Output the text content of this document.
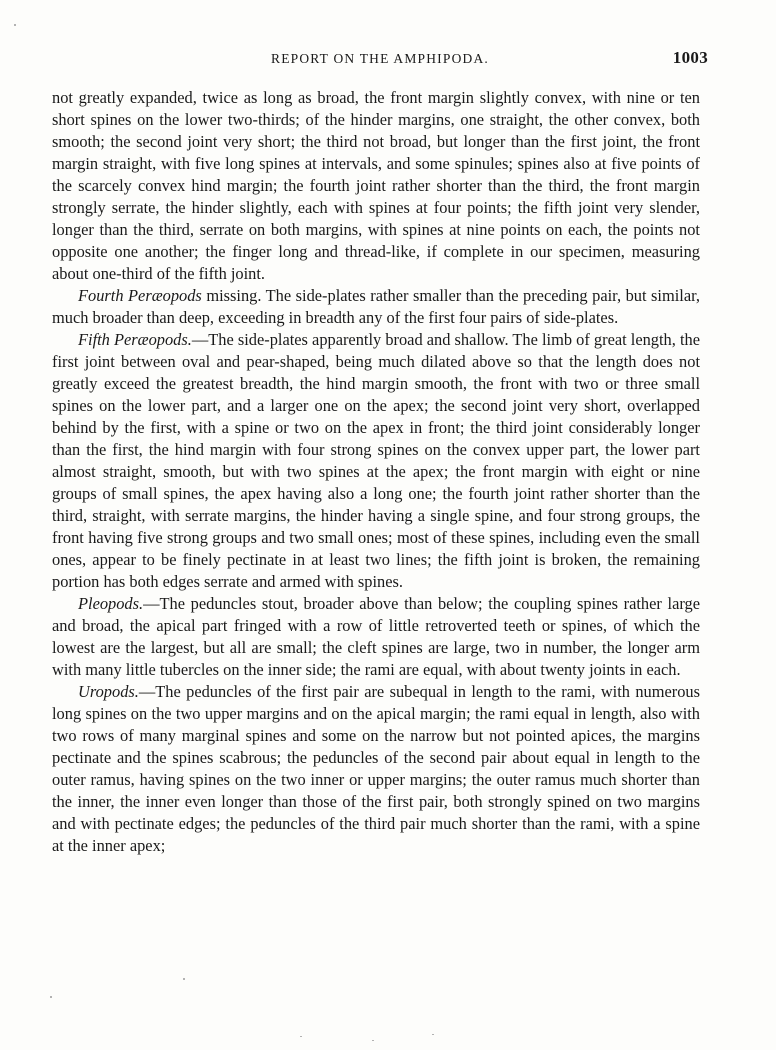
REPORT ON THE AMPHIPODA.	1003

not greatly expanded, twice as long as broad, the front margin slightly convex, with nine or ten short spines on the lower two-thirds; of the hinder margins, one straight, the other convex, both smooth; the second joint very short; the third not broad, but longer than the first joint, the front margin straight, with five long spines at intervals, and some spinules; spines also at five points of the scarcely convex hind margin; the fourth joint rather shorter than the third, the front margin strongly serrate, the hinder slightly, each with spines at four points; the fifth joint very slender, longer than the third, serrate on both margins, with spines at nine points on each, the points not opposite one another; the finger long and thread-like, if complete in our specimen, measuring about one-third of the fifth joint.

Fourth Peræopods missing. The side-plates rather smaller than the preceding pair, but similar, much broader than deep, exceeding in breadth any of the first four pairs of side-plates.

Fifth Peræopods.—The side-plates apparently broad and shallow. The limb of great length, the first joint between oval and pear-shaped, being much dilated above so that the length does not greatly exceed the greatest breadth, the hind margin smooth, the front with two or three small spines on the lower part, and a larger one on the apex; the second joint very short, overlapped behind by the first, with a spine or two on the apex in front; the third joint considerably longer than the first, the hind margin with four strong spines on the convex upper part, the lower part almost straight, smooth, but with two spines at the apex; the front margin with eight or nine groups of small spines, the apex having also a long one; the fourth joint rather shorter than the third, straight, with serrate margins, the hinder having a single spine, and four strong groups, the front having five strong groups and two small ones; most of these spines, including even the small ones, appear to be finely pectinate in at least two lines; the fifth joint is broken, the remaining portion has both edges serrate and armed with spines.

Pleopods.—The peduncles stout, broader above than below; the coupling spines rather large and broad, the apical part fringed with a row of little retroverted teeth or spines, of which the lowest are the largest, but all are small; the cleft spines are large, two in number, the longer arm with many little tubercles on the inner side; the rami are equal, with about twenty joints in each.

Uropods.—The peduncles of the first pair are subequal in length to the rami, with numerous long spines on the two upper margins and on the apical margin; the rami equal in length, also with two rows of many marginal spines and some on the narrow but not pointed apices, the margins pectinate and the spines scabrous; the peduncles of the second pair about equal in length to the outer ramus, having spines on the two inner or upper margins; the outer ramus much shorter than the inner, the inner even longer than those of the first pair, both strongly spined on two margins and with pectinate edges; the peduncles of the third pair much shorter than the rami, with a spine at the inner apex;
